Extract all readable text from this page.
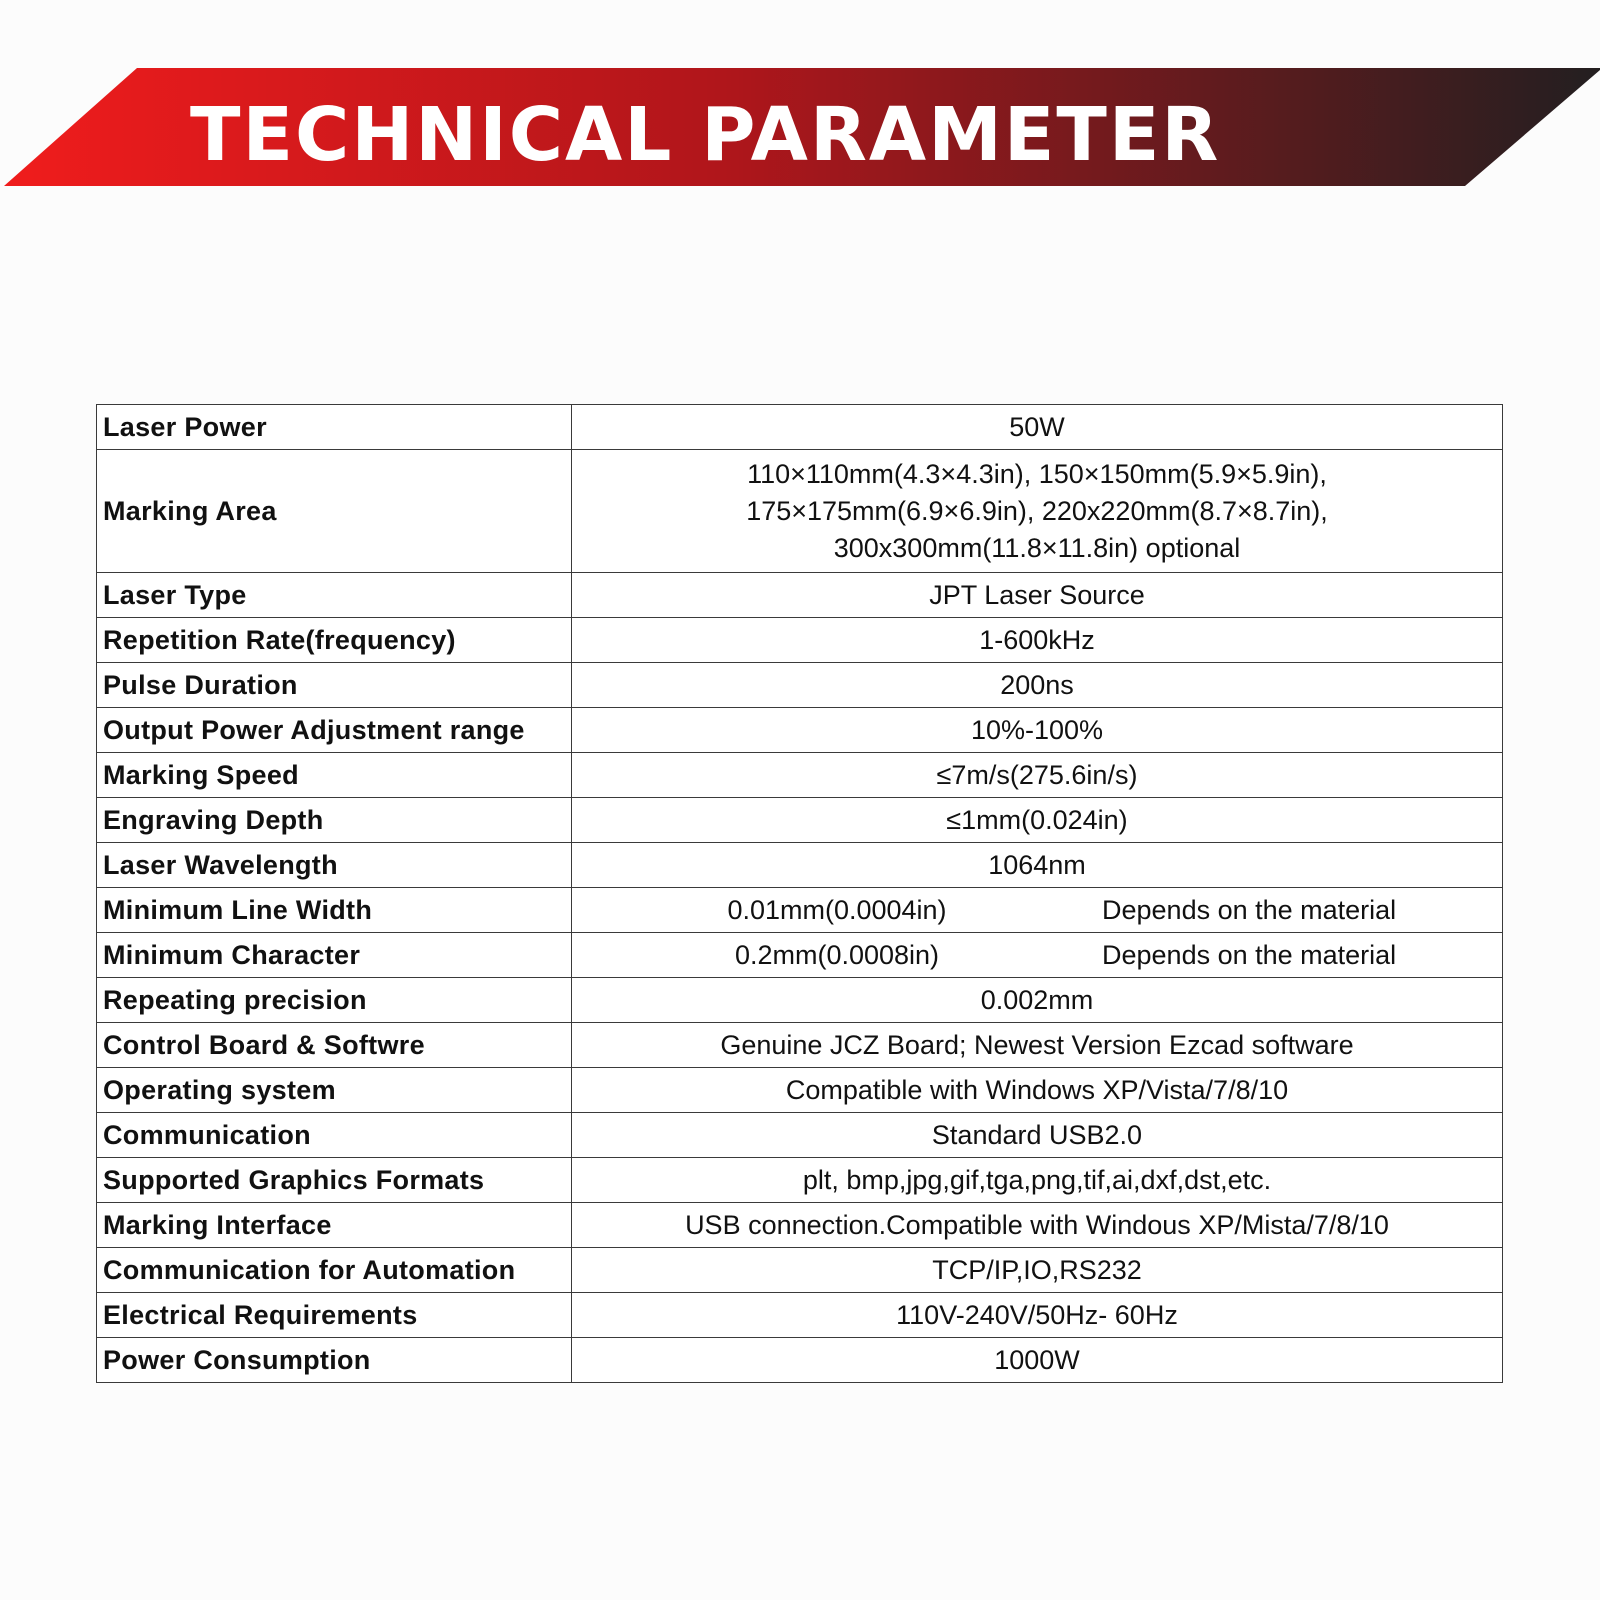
TECHNICAL PARAMETER
Laser Power	50W
Marking Area	110×110mm(4.3×4.3in), 150×150mm(5.9×5.9in),
175×175mm(6.9×6.9in), 220x220mm(8.7×8.7in),
300x300mm(11.8×11.8in) optional

Laser Type	JPT Laser Source
Repetition Rate(frequency)	1-600kHz
Pulse Duration	200ns
Output Power Adjustment range	10%-100%
Marking Speed	≤7m/s(275.6in/s)
Engraving Depth	≤1mm(0.024in)
Laser Wavelength	1064nm
Minimum Line Width	0.01mm(0.0004in) Depends on the material

Minimum Character	0.2mm(0.0008in) Depends on the material

Repeating precision	0.002mm
Control Board & Softwre	Genuine JCZ Board; Newest Version Ezcad software
Operating system	Compatible with Windows XP/Vista/7/8/10
Communication	Standard USB2.0
Supported Graphics Formats	plt, bmp,jpg,gif,tga,png,tif,ai,dxf,dst,etc.
Marking Interface	USB connection.Compatible with Windous XP/Mista/7/8/10
Communication for Automation	TCP/IP,IO,RS232
Electrical Requirements	110V-240V/50Hz- 60Hz
Power Consumption	1000W
